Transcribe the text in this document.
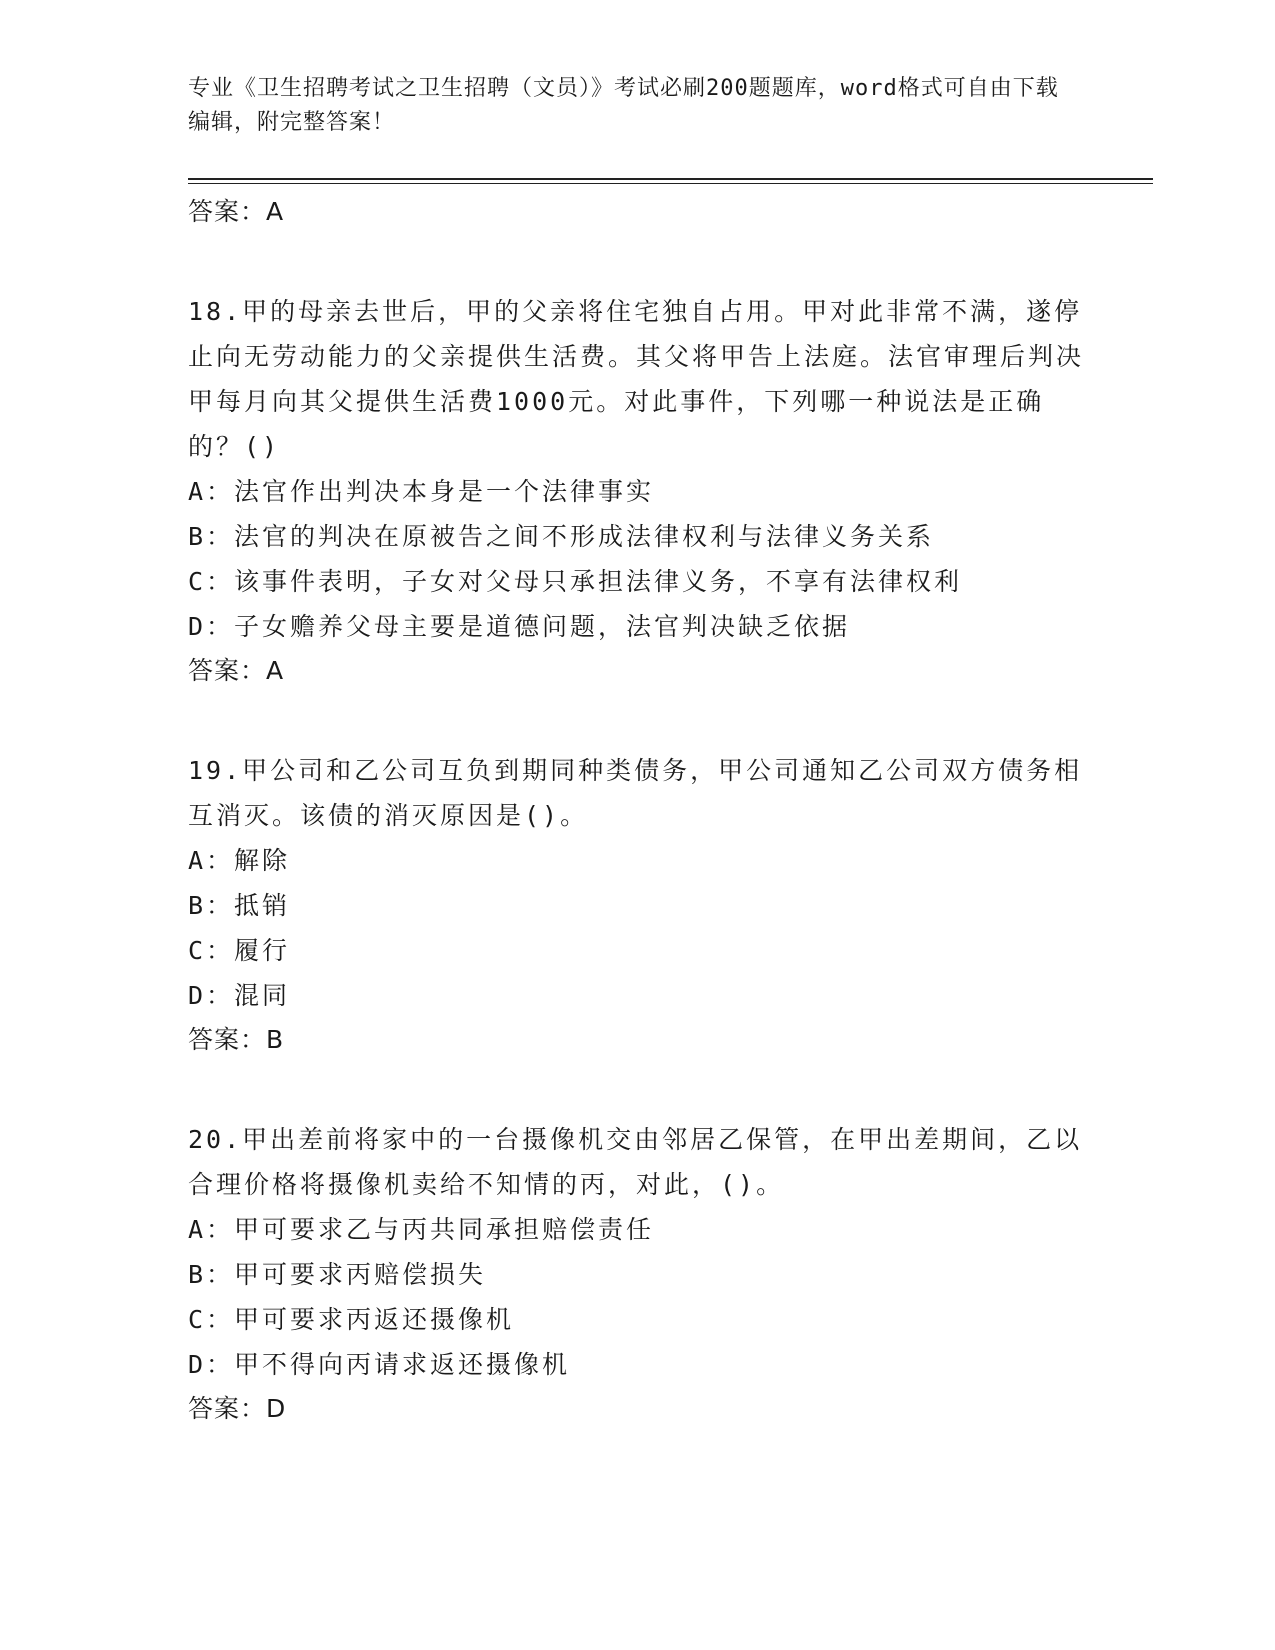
专业《卫生招聘考试之卫生招聘（文员）》考试必刷200题题库，word格式可自由下载编辑，附完整答案！
答案：A
18.甲的母亲去世后，甲的父亲将住宅独自占用。甲对此非常不满，遂停止向无劳动能力的父亲提供生活费。其父将甲告上法庭。法官审理后判决甲每月向其父提供生活费1000元。对此事件，下列哪一种说法是正确的？()
A：法官作出判决本身是一个法律事实
B：法官的判决在原被告之间不形成法律权利与法律义务关系
C：该事件表明，子女对父母只承担法律义务，不享有法律权利
D：子女赡养父母主要是道德问题，法官判决缺乏依据
答案：A
19.甲公司和乙公司互负到期同种类债务，甲公司通知乙公司双方债务相互消灭。该债的消灭原因是()。
A：解除
B：抵销
C：履行
D：混同
答案：B
20.甲出差前将家中的一台摄像机交由邻居乙保管，在甲出差期间，乙以合理价格将摄像机卖给不知情的丙，对此，()。
A：甲可要求乙与丙共同承担赔偿责任
B：甲可要求丙赔偿损失
C：甲可要求丙返还摄像机
D：甲不得向丙请求返还摄像机
答案：D
